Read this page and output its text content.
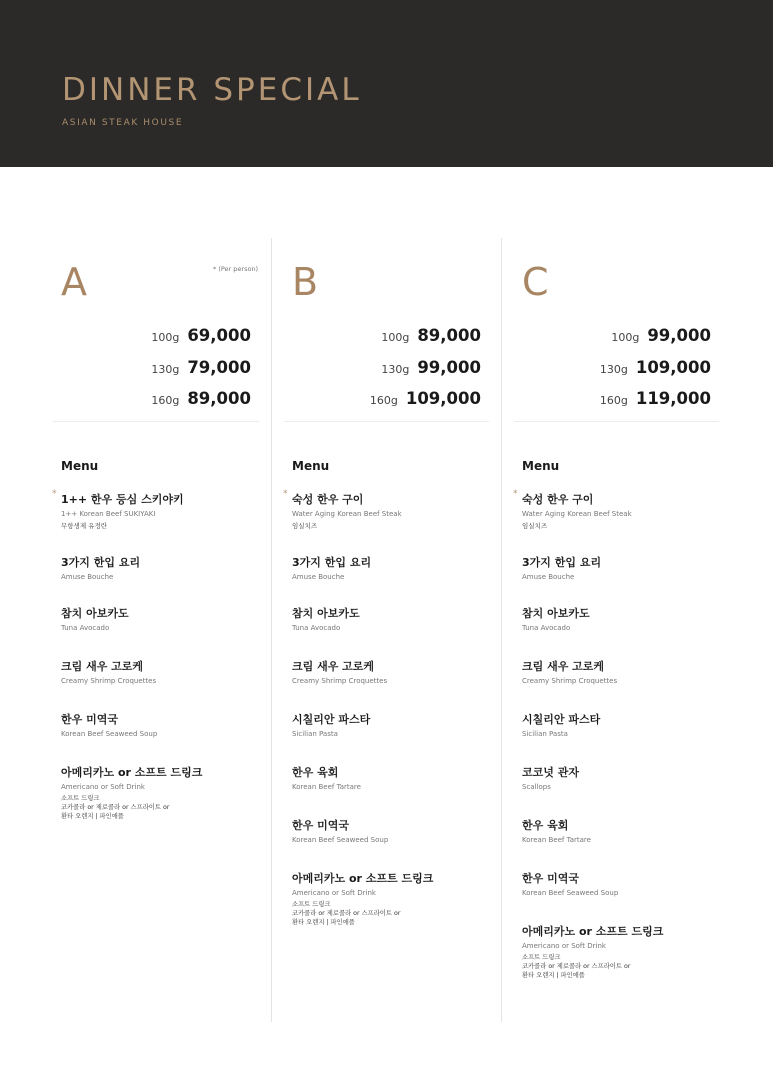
DINNER SPECIAL
ASIAN STEAK HOUSE
A	* (Per person)
100g 69,000
130g 79,000
160g 89,000
Menu
* 1++ 한우 등심 스키야키
1++ Korean Beef SUKIYAKI
무항생제 유정란
3가지 한입 요리
Amuse Bouche
참치 아보카도
Tuna Avocado
크림 새우 고로케
Creamy Shrimp Croquettes
한우 미역국
Korean Beef Seaweed Soup
아메리카노 or 소프트 드링크
Americano or Soft Drink
소프트 드링크
코카콜라 or 제로콜라 or 스프라이트 or
환타 오렌지 | 파인애플
B
100g 89,000
130g 99,000
160g 109,000
Menu
* 숙성 한우 구이
Water Aging Korean Beef Steak
임실치즈
3가지 한입 요리
Amuse Bouche
참치 아보카도
Tuna Avocado
크림 새우 고로케
Creamy Shrimp Croquettes
시칠리안 파스타
Sicilian Pasta
한우 육회
Korean Beef Tartare
한우 미역국
Korean Beef Seaweed Soup
아메리카노 or 소프트 드링크
Americano or Soft Drink
소프트 드링크
코카콜라 or 제로콜라 or 스프라이트 or
환타 오렌지 | 파인애플
C
100g 99,000
130g 109,000
160g 119,000
Menu
* 숙성 한우 구이
Water Aging Korean Beef Steak
임실치즈
3가지 한입 요리
Amuse Bouche
참치 아보카도
Tuna Avocado
크림 새우 고로케
Creamy Shrimp Croquettes
시칠리안 파스타
Sicilian Pasta
코코넛 관자
Scallops
한우 육회
Korean Beef Tartare
한우 미역국
Korean Beef Seaweed Soup
아메리카노 or 소프트 드링크
Americano or Soft Drink
소프트 드링크
코카콜라 or 제로콜라 or 스프라이트 or
환타 오렌지 | 파인애플
